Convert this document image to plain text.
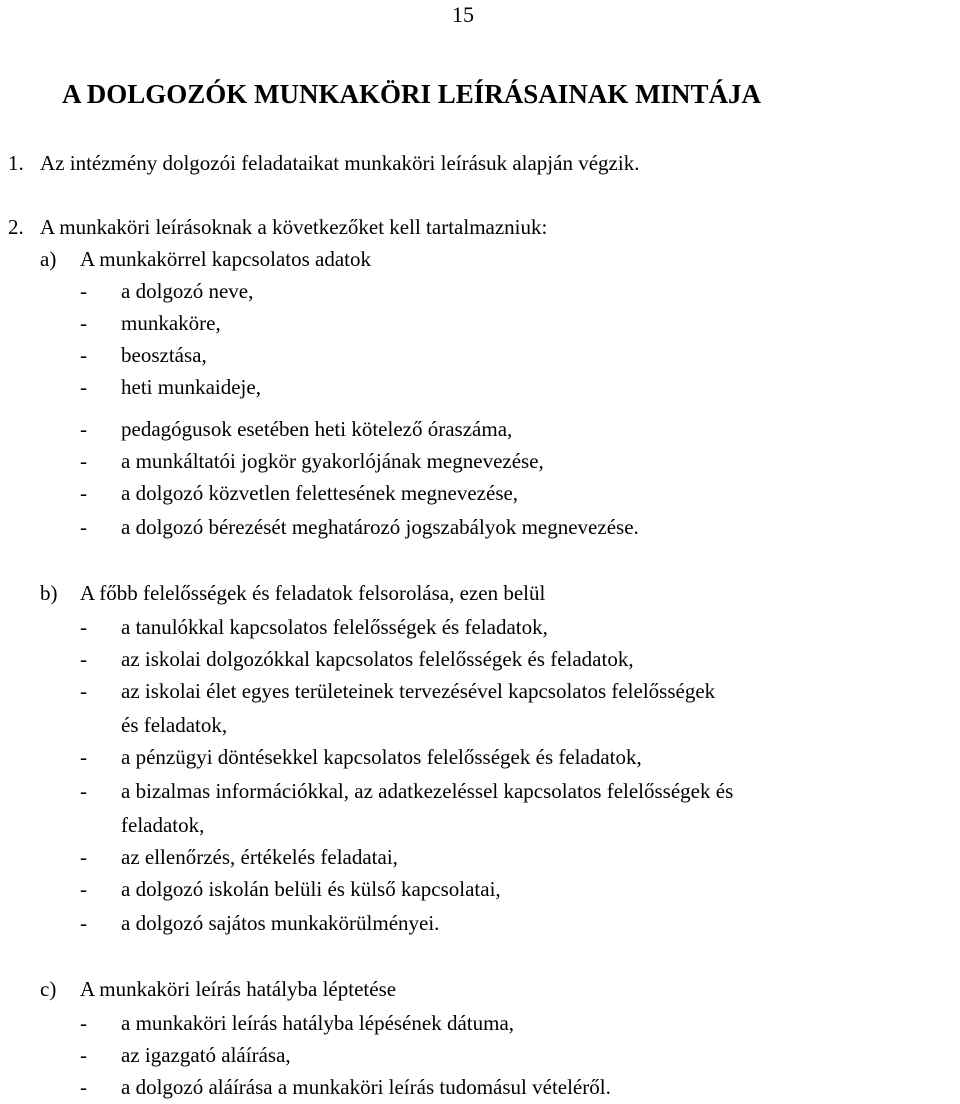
15
A DOLGOZÓK MUNKAKÖRI LEÍRÁSAINAK MINTÁJA
1. Az intézmény dolgozói feladataikat munkaköri leírásuk alapján végzik.
2. A munkaköri leírásoknak a következőket kell tartalmazniuk:
a) A munkakörrel kapcsolatos adatok
- a dolgozó neve,
- munkaköre,
- beosztása,
- heti munkaideje,
- pedagógusok esetében heti kötelező óraszáma,
- a munkáltatói jogkör gyakorlójának megnevezése,
- a dolgozó közvetlen felettesének megnevezése,
- a dolgozó bérezését meghatározó jogszabályok megnevezése.
b) A főbb felelősségek és feladatok felsorolása, ezen belül
- a tanulókkal kapcsolatos felelősségek és feladatok,
- az iskolai dolgozókkal kapcsolatos felelősségek és feladatok,
- az iskolai élet egyes területeinek tervezésével kapcsolatos felelősségek
és feladatok,
- a pénzügyi döntésekkel kapcsolatos felelősségek és feladatok,
- a bizalmas információkkal, az adatkezeléssel kapcsolatos felelősségek és
feladatok,
- az ellenőrzés, értékelés feladatai,
- a dolgozó iskolán belüli és külső kapcsolatai,
- a dolgozó sajátos munkakörülményei.
c) A munkaköri leírás hatályba léptetése
- a munkaköri leírás hatályba lépésének dátuma,
- az igazgató aláírása,
- a dolgozó aláírása a munkaköri leírás tudomásul vételéről.
